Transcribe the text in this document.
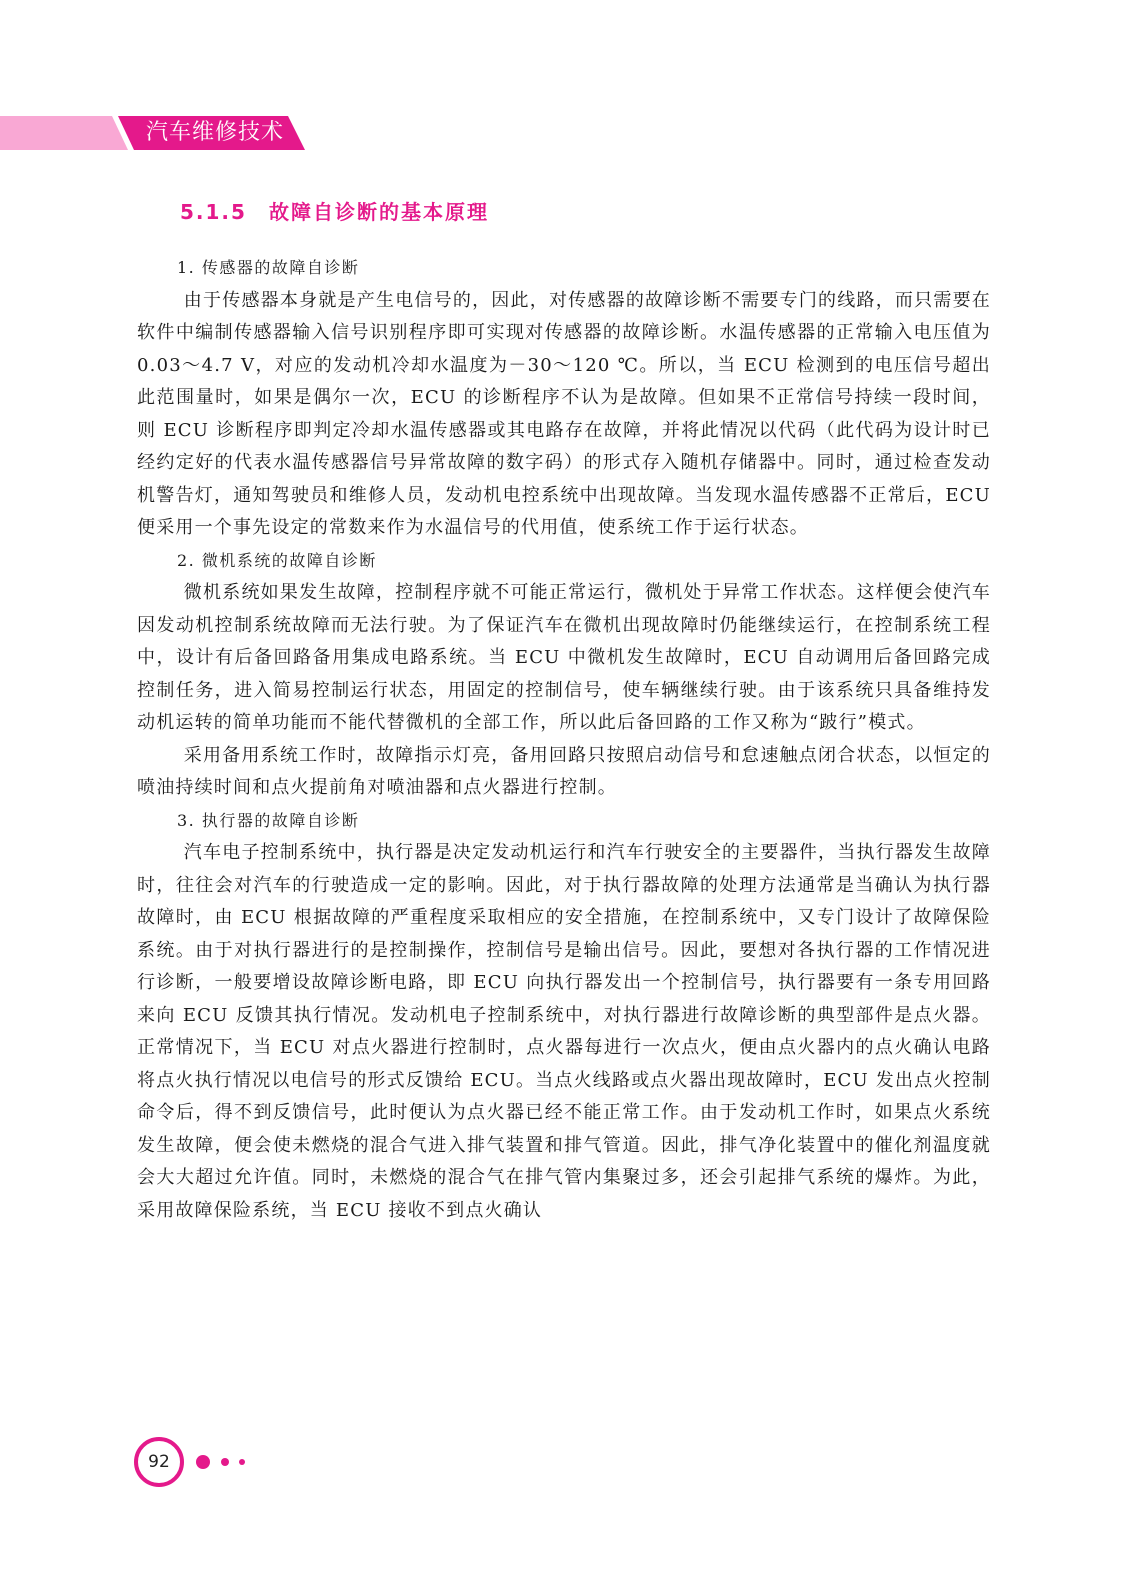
汽车维修技术
5.1.5 故障自诊断的基本原理

1. 传感器的故障自诊断

由于传感器本身就是产生电信号的，因此，对传感器的故障诊断不需要专门的线路，而只需要在软件中编制传感器输入信号识别程序即可实现对传感器的故障诊断。水温传感器的正常输入电压值为 0.03～4.7 V，对应的发动机冷却水温度为－30～120 ℃。所以，当 ECU 检测到的电压信号超出此范围量时，如果是偶尔一次，ECU 的诊断程序不认为是故障。但如果不正常信号持续一段时间，则 ECU 诊断程序即判定冷却水温传感器或其电路存在故障，并将此情况以代码（此代码为设计时已经约定好的代表水温传感器信号异常故障的数字码）的形式存入随机存储器中。同时，通过检查发动机警告灯，通知驾驶员和维修人员，发动机电控系统中出现故障。当发现水温传感器不正常后，ECU 便采用一个事先设定的常数来作为水温信号的代用值，使系统工作于运行状态。

2. 微机系统的故障自诊断

微机系统如果发生故障，控制程序就不可能正常运行，微机处于异常工作状态。这样便会使汽车因发动机控制系统故障而无法行驶。为了保证汽车在微机出现故障时仍能继续运行，在控制系统工程中，设计有后备回路备用集成电路系统。当 ECU 中微机发生故障时，ECU 自动调用后备回路完成控制任务，进入简易控制运行状态，用固定的控制信号，使车辆继续行驶。由于该系统只具备维持发动机运转的简单功能而不能代替微机的全部工作，所以此后备回路的工作又称为“跛行”模式。

采用备用系统工作时，故障指示灯亮，备用回路只按照启动信号和怠速触点闭合状态，以恒定的喷油持续时间和点火提前角对喷油器和点火器进行控制。

3. 执行器的故障自诊断

汽车电子控制系统中，执行器是决定发动机运行和汽车行驶安全的主要器件，当执行器发生故障时，往往会对汽车的行驶造成一定的影响。因此，对于执行器故障的处理方法通常是当确认为执行器故障时，由 ECU 根据故障的严重程度采取相应的安全措施，在控制系统中，又专门设计了故障保险系统。由于对执行器进行的是控制操作，控制信号是输出信号。因此，要想对各执行器的工作情况进行诊断，一般要增设故障诊断电路，即 ECU 向执行器发出一个控制信号，执行器要有一条专用回路来向 ECU 反馈其执行情况。发动机电子控制系统中，对执行器进行故障诊断的典型部件是点火器。正常情况下，当 ECU 对点火器进行控制时，点火器每进行一次点火，便由点火器内的点火确认电路将点火执行情况以电信号的形式反馈给 ECU。当点火线路或点火器出现故障时，ECU 发出点火控制命令后，得不到反馈信号，此时便认为点火器已经不能正常工作。由于发动机工作时，如果点火系统发生故障，便会使未燃烧的混合气进入排气装置和排气管道。因此，排气净化装置中的催化剂温度就会大大超过允许值。同时，未燃烧的混合气在排气管内集聚过多，还会引起排气系统的爆炸。为此，采用故障保险系统，当 ECU 接收不到点火确认

92
